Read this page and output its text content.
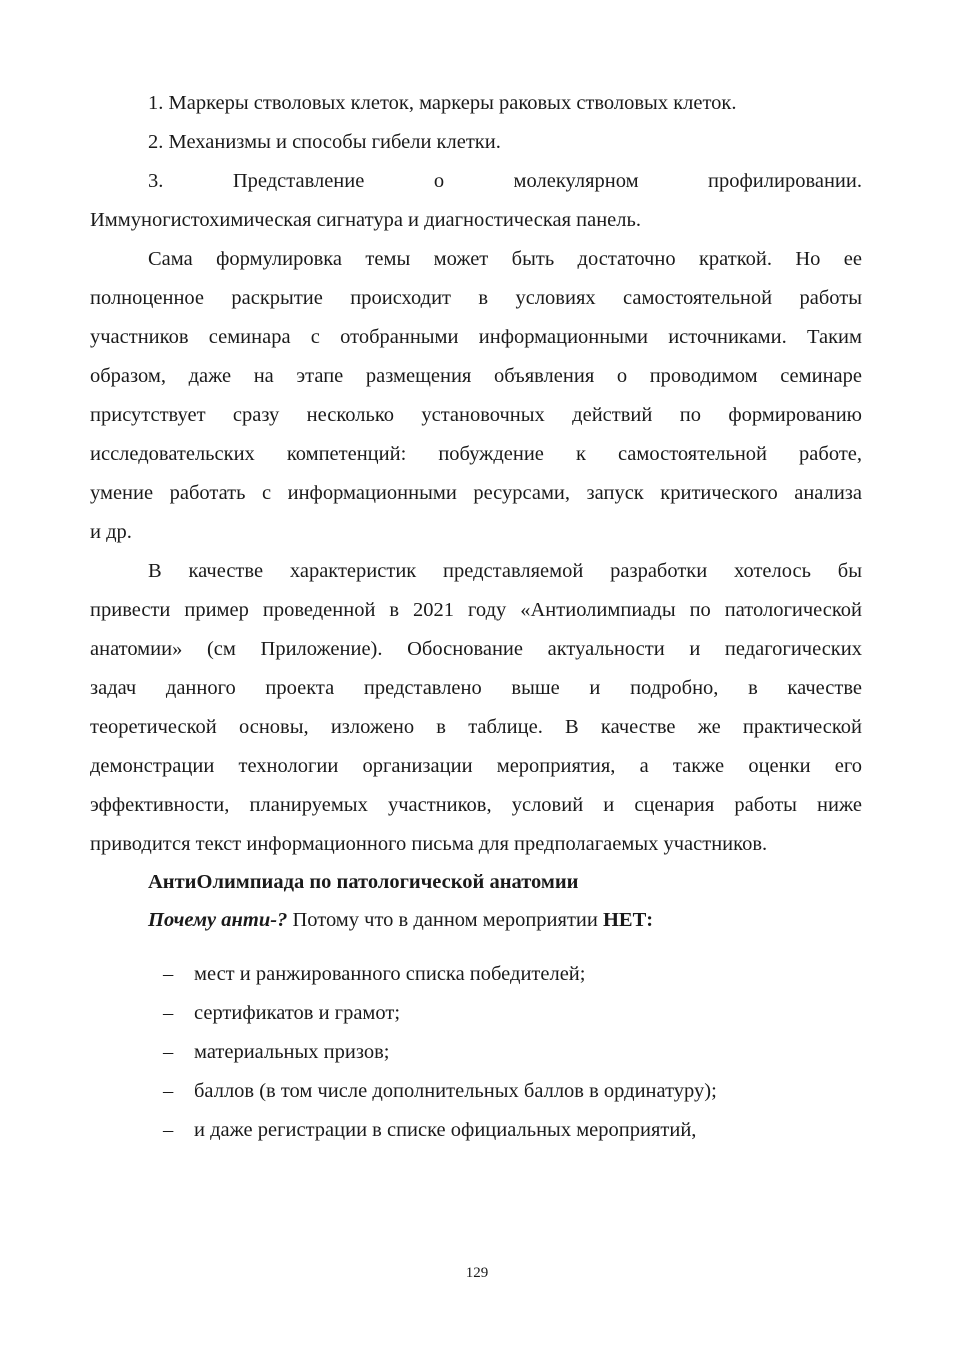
1. Маркеры стволовых клеток, маркеры раковых стволовых клеток.
2. Механизмы и способы гибели клетки.
3. Представление о молекулярном профилировании.
Иммуногистохимическая сигнатура и диагностическая панель.
Сама формулировка темы может быть достаточно краткой. Но ее
полноценное раскрытие происходит в условиях самостоятельной работы
участников семинара с отобранными информационными источниками. Таким
образом, даже на этапе размещения объявления о проводимом семинаре
присутствует сразу несколько установочных действий по формированию
исследовательских компетенций: побуждение к самостоятельной работе,
умение работать с информационными ресурсами, запуск критического анализа
и др.
В качестве характеристик представляемой разработки хотелось бы
привести пример проведенной в 2021 году «Антиолимпиады по патологической
анатомии» (см Приложение). Обоснование актуальности и педагогических
задач данного проекта представлено выше и подробно, в качестве
теоретической основы, изложено в таблице. В качестве же практической
демонстрации технологии организации мероприятия, а также оценки его
эффективности, планируемых участников, условий и сценария работы ниже
приводится текст информационного письма для предполагаемых участников.
АнтиОлимпиада по патологической анатомии
Почему анти-? Потому что в данном мероприятии НЕТ:
– мест и ранжированного списка победителей;
– сертификатов и грамот;
– материальных призов;
– баллов (в том числе дополнительных баллов в ординатуру);
– и даже регистрации в списке официальных мероприятий,
129
